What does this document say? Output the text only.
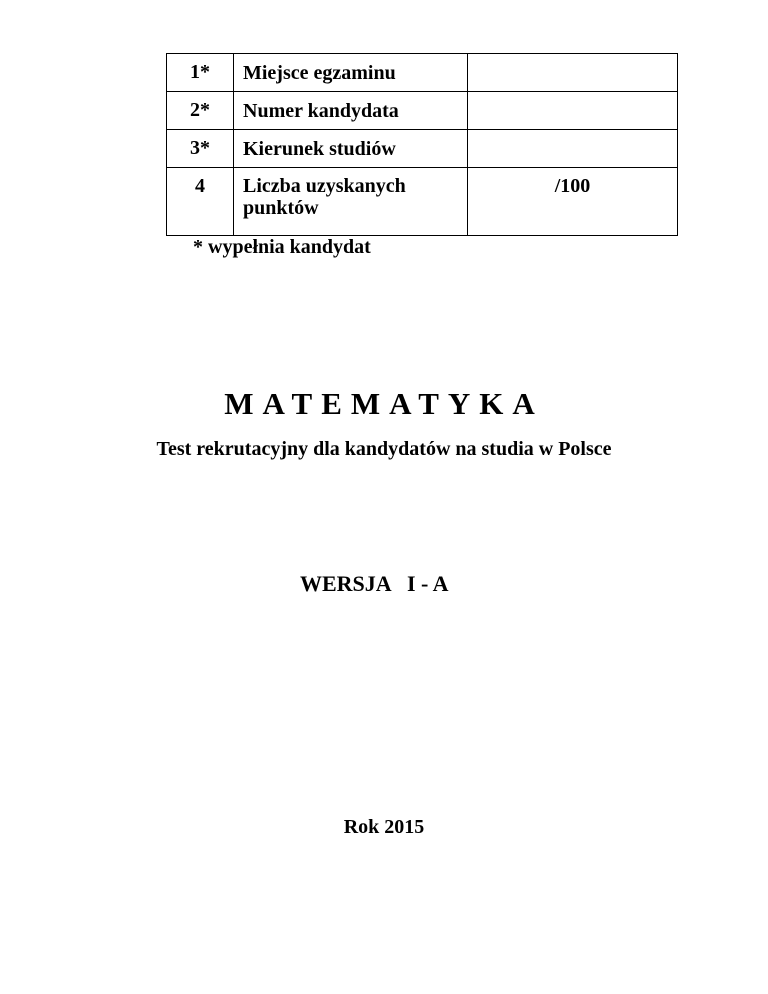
1*	Miejsce egzaminu	
2*	Numer kandydata	
3*	Kierunek studiów	
4	Liczba uzyskanych punktów	/100
* wypełnia kandydat
MATEMATYKA
Test rekrutacyjny dla kandydatów na studia w Polsce
WERSJA   I - A
Rok 2015
